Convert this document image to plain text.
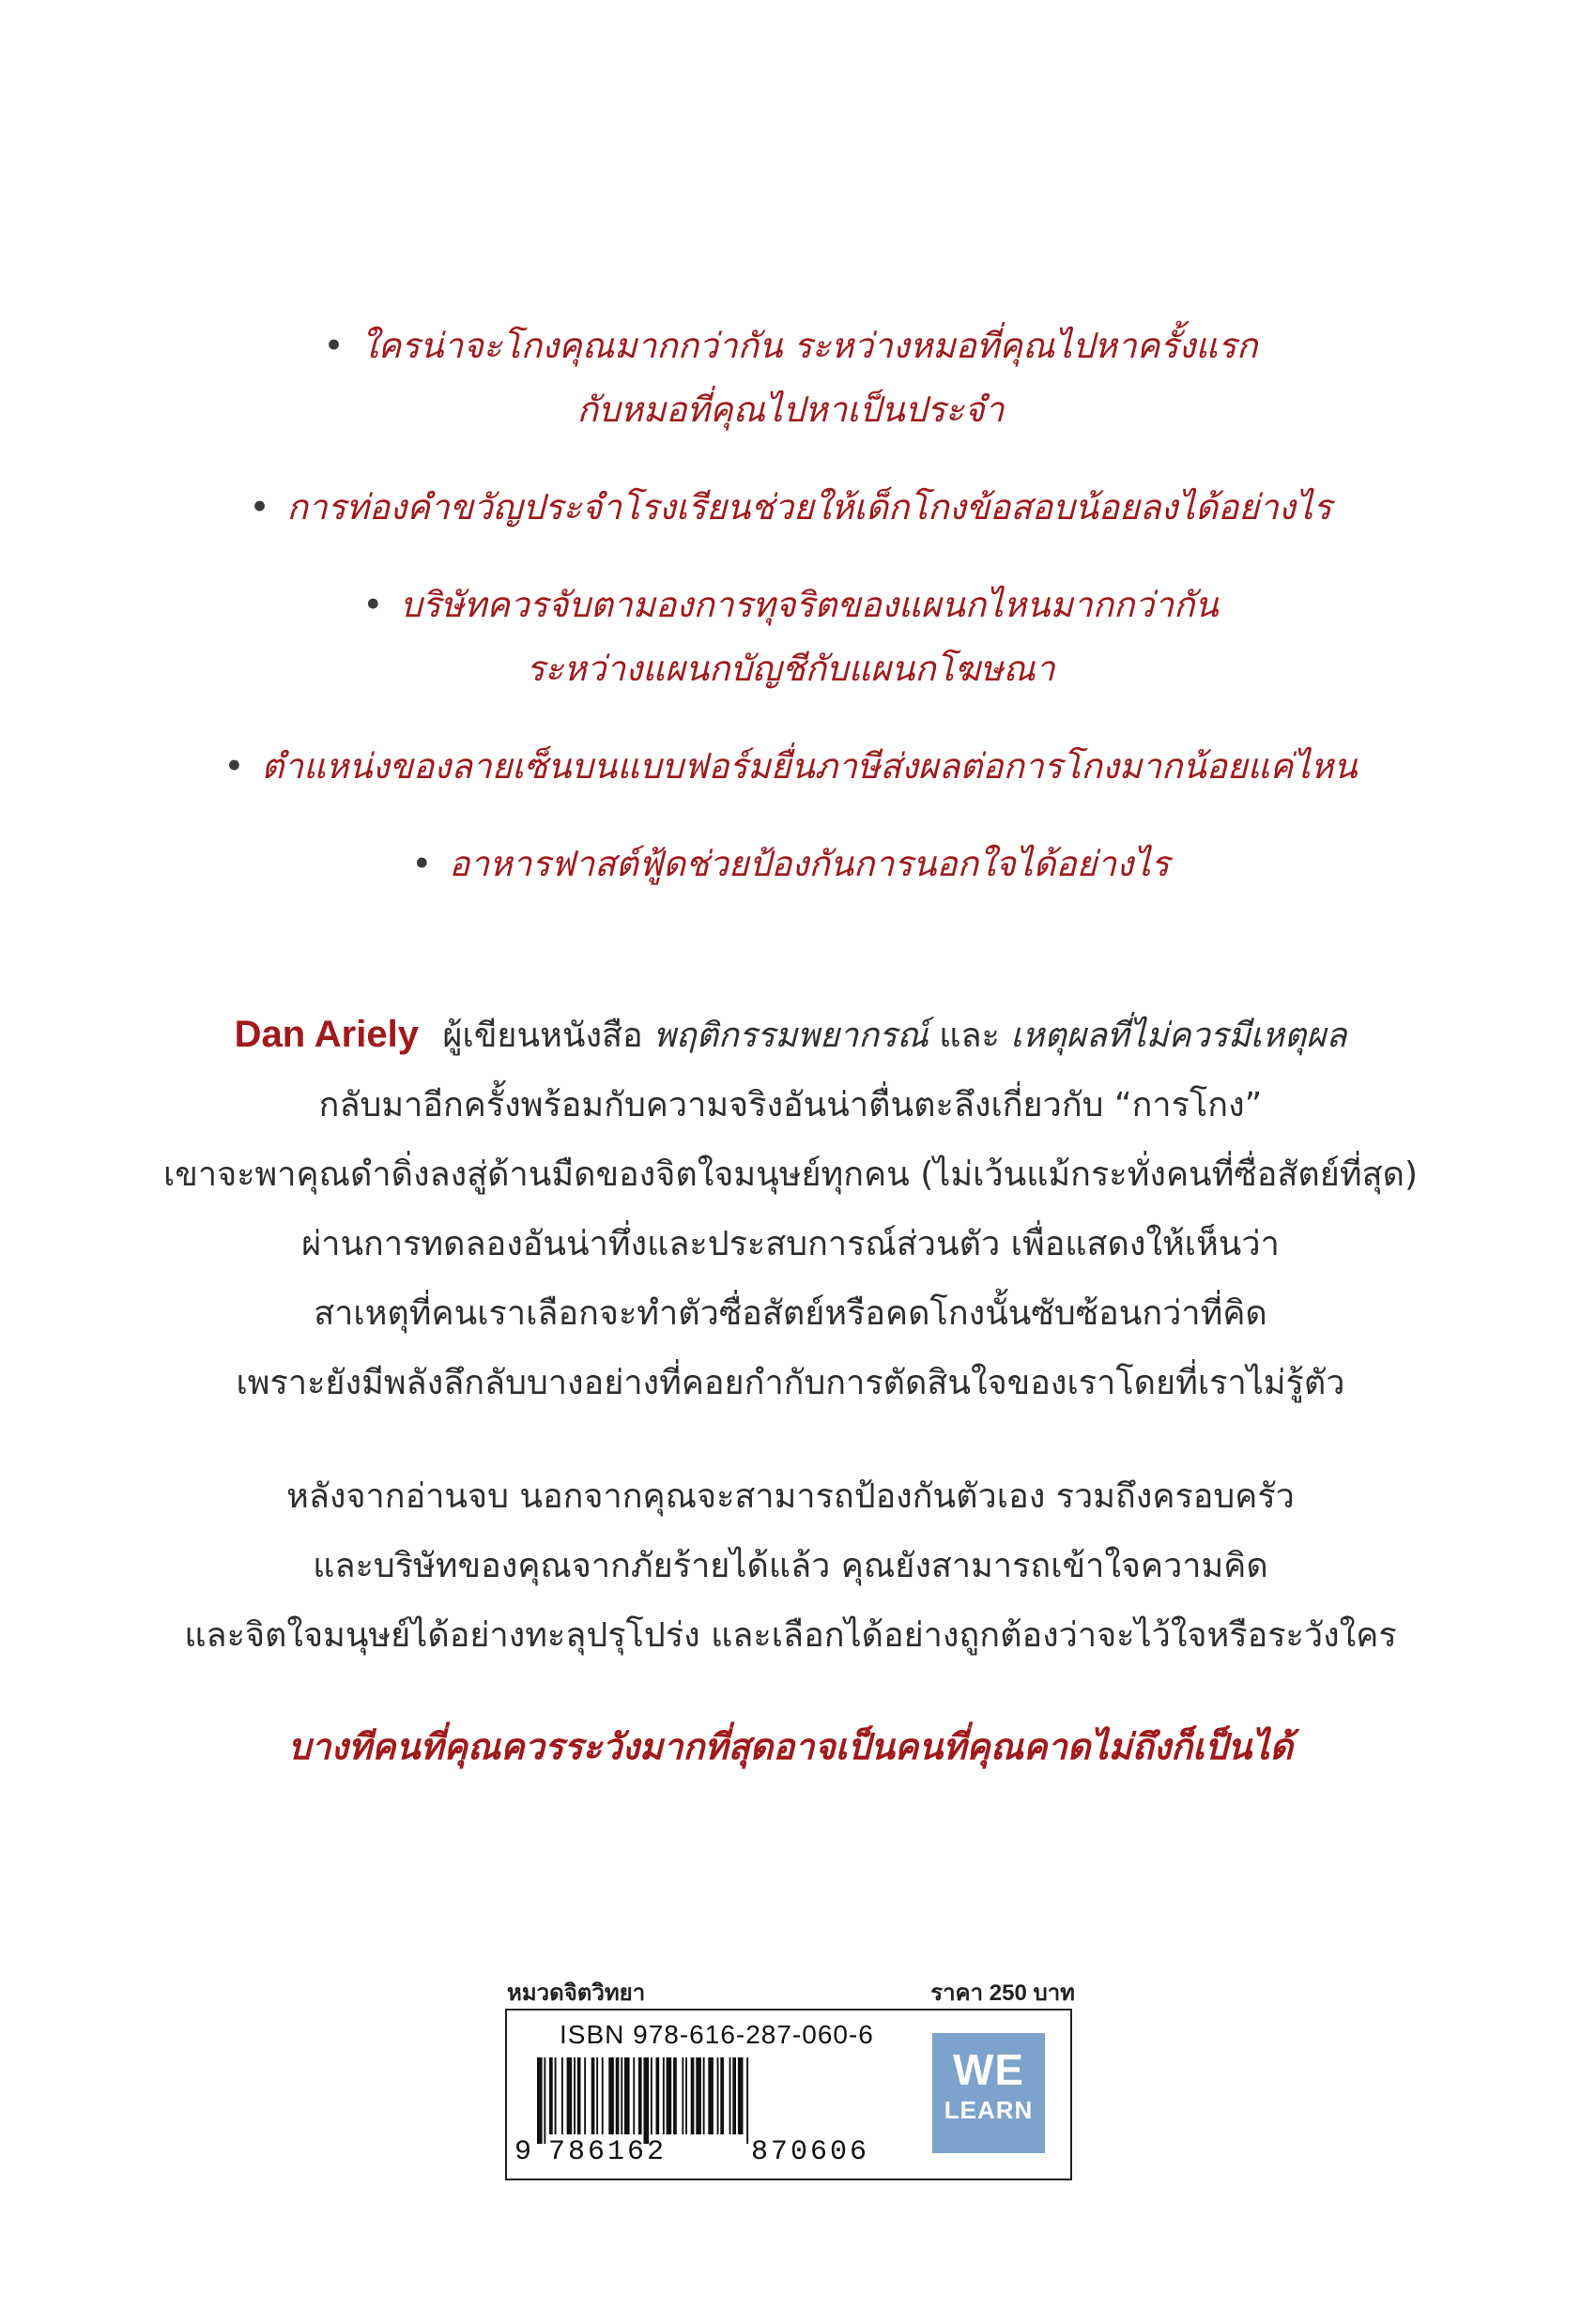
• ใครน่าจะโกงคุณมากกว่ากัน ระหว่างหมอที่คุณไปหาครั้งแรก
กับหมอที่คุณไปหาเป็นประจำ
• การท่องคำขวัญประจำโรงเรียนช่วยให้เด็กโกงข้อสอบน้อยลงได้อย่างไร
• บริษัทควรจับตามองการทุจริตของแผนกไหนมากกว่ากัน
ระหว่างแผนกบัญชีกับแผนกโฆษณา
• ตำแหน่งของลายเซ็นบนแบบฟอร์มยื่นภาษีส่งผลต่อการโกงมากน้อยแค่ไหน
• อาหารฟาสต์ฟู้ดช่วยป้องกันการนอกใจได้อย่างไร
Dan Ariely ผู้เขียนหนังสือ พฤติกรรมพยากรณ์ และ เหตุผลที่ไม่ควรมีเหตุผล
กลับมาอีกครั้งพร้อมกับความจริงอันน่าตื่นตะลึงเกี่ยวกับ “การโกง”
เขาจะพาคุณดำดิ่งลงสู่ด้านมืดของจิตใจมนุษย์ทุกคน (ไม่เว้นแม้กระทั่งคนที่ซื่อสัตย์ที่สุด)
ผ่านการทดลองอันน่าทึ่งและประสบการณ์ส่วนตัว เพื่อแสดงให้เห็นว่า
สาเหตุที่คนเราเลือกจะทำตัวซื่อสัตย์หรือคดโกงนั้นซับซ้อนกว่าที่คิด
เพราะยังมีพลังลึกลับบางอย่างที่คอยกำกับการตัดสินใจของเราโดยที่เราไม่รู้ตัว
หลังจากอ่านจบ นอกจากคุณจะสามารถป้องกันตัวเอง รวมถึงครอบครัว
และบริษัทของคุณจากภัยร้ายได้แล้ว คุณยังสามารถเข้าใจความคิด
และจิตใจมนุษย์ได้อย่างทะลุปรุโปร่ง และเลือกได้อย่างถูกต้องว่าจะไว้ใจหรือระวังใคร
บางทีคนที่คุณควรระวังมากที่สุดอาจเป็นคนที่คุณคาดไม่ถึงก็เป็นได้
หมวดจิตวิทยา	ราคา 250 บาท
ISBN 978-616-287-060-6
9 786162	870606
WE
LEARN
